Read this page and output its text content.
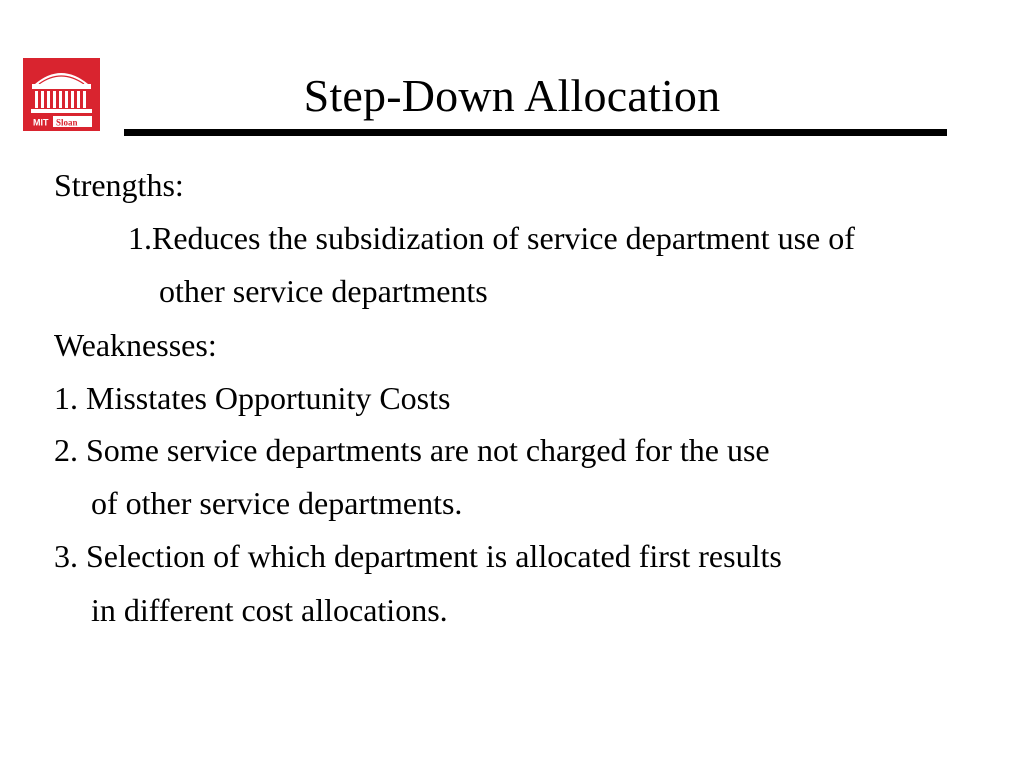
MIT Sloan
Step-Down Allocation
Strengths:
1.Reduces the subsidization of service department use of
other service departments
Weaknesses:
1. Misstates Opportunity Costs
2. Some service departments are not charged for the use
of other service departments.
3. Selection of which department is allocated first results
in different cost allocations.
